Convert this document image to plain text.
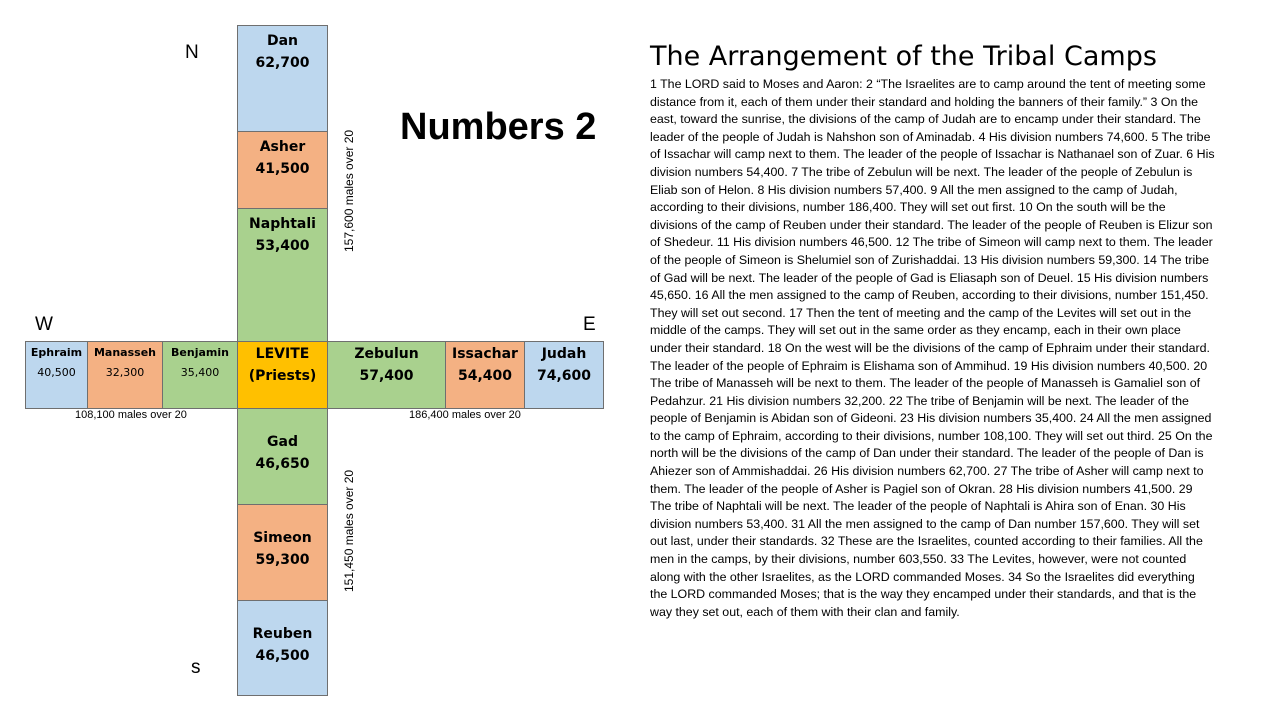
N
W	E
s
Dan
62,700
Asher
41,500
Naphtali
53,400
Ephraim
40,500
Manasseh
32,300
Benjamin
35,400
LEVITE
(Priests)
Zebulun
57,400
Issachar
54,400
Judah
74,600
Gad
46,650
Simeon
59,300
Reuben
46,500
108,100 males over 20	186,400 males over 20
157,600 males over 20
151,450 males over 20
Numbers 2
The Arrangement of the Tribal Camps
1 The LORD said to Moses and Aaron: 2 “The Israelites are to camp around the tent of meeting some distance from it, each of them under their standard and holding the banners of their family.” 3 On the east, toward the sunrise, the divisions of the camp of Judah are to encamp under their standard. The leader of the people of Judah is Nahshon son of Aminadab. 4 His division numbers 74,600. 5 The tribe of Issachar will camp next to them. The leader of the people of Issachar is Nathanael son of Zuar. 6 His division numbers 54,400. 7 The tribe of Zebulun will be next. The leader of the people of Zebulun is Eliab son of Helon. 8 His division numbers 57,400. 9 All the men assigned to the camp of Judah, according to their divisions, number 186,400. They will set out first. 10 On the south will be the divisions of the camp of Reuben under their standard. The leader of the people of Reuben is Elizur son of Shedeur. 11 His division numbers 46,500. 12 The tribe of Simeon will camp next to them. The leader of the people of Simeon is Shelumiel son of Zurishaddai. 13 His division numbers 59,300. 14 The tribe of Gad will be next. The leader of the people of Gad is Eliasaph son of Deuel. 15 His division numbers 45,650. 16 All the men assigned to the camp of Reuben, according to their divisions, number 151,450. They will set out second. 17 Then the tent of meeting and the camp of the Levites will set out in the middle of the camps. They will set out in the same order as they encamp, each in their own place under their standard. 18 On the west will be the divisions of the camp of Ephraim under their standard. The leader of the people of Ephraim is Elishama son of Ammihud. 19 His division numbers 40,500. 20 The tribe of Manasseh will be next to them. The leader of the people of Manasseh is Gamaliel son of Pedahzur. 21 His division numbers 32,200. 22 The tribe of Benjamin will be next. The leader of the people of Benjamin is Abidan son of Gideoni. 23 His division numbers 35,400. 24 All the men assigned to the camp of Ephraim, according to their divisions, number 108,100. They will set out third. 25 On the north will be the divisions of the camp of Dan under their standard. The leader of the people of Dan is Ahiezer son of Ammishaddai. 26 His division numbers 62,700. 27 The tribe of Asher will camp next to them. The leader of the people of Asher is Pagiel son of Okran. 28 His division numbers 41,500. 29 The tribe of Naphtali will be next. The leader of the people of Naphtali is Ahira son of Enan. 30 His division numbers 53,400. 31 All the men assigned to the camp of Dan number 157,600. They will set out last, under their standards. 32 These are the Israelites, counted according to their families. All the men in the camps, by their divisions, number 603,550. 33 The Levites, however, were not counted along with the other Israelites, as the LORD commanded Moses. 34 So the Israelites did everything the LORD commanded Moses; that is the way they encamped under their standards, and that is the way they set out, each of them with their clan and family.
